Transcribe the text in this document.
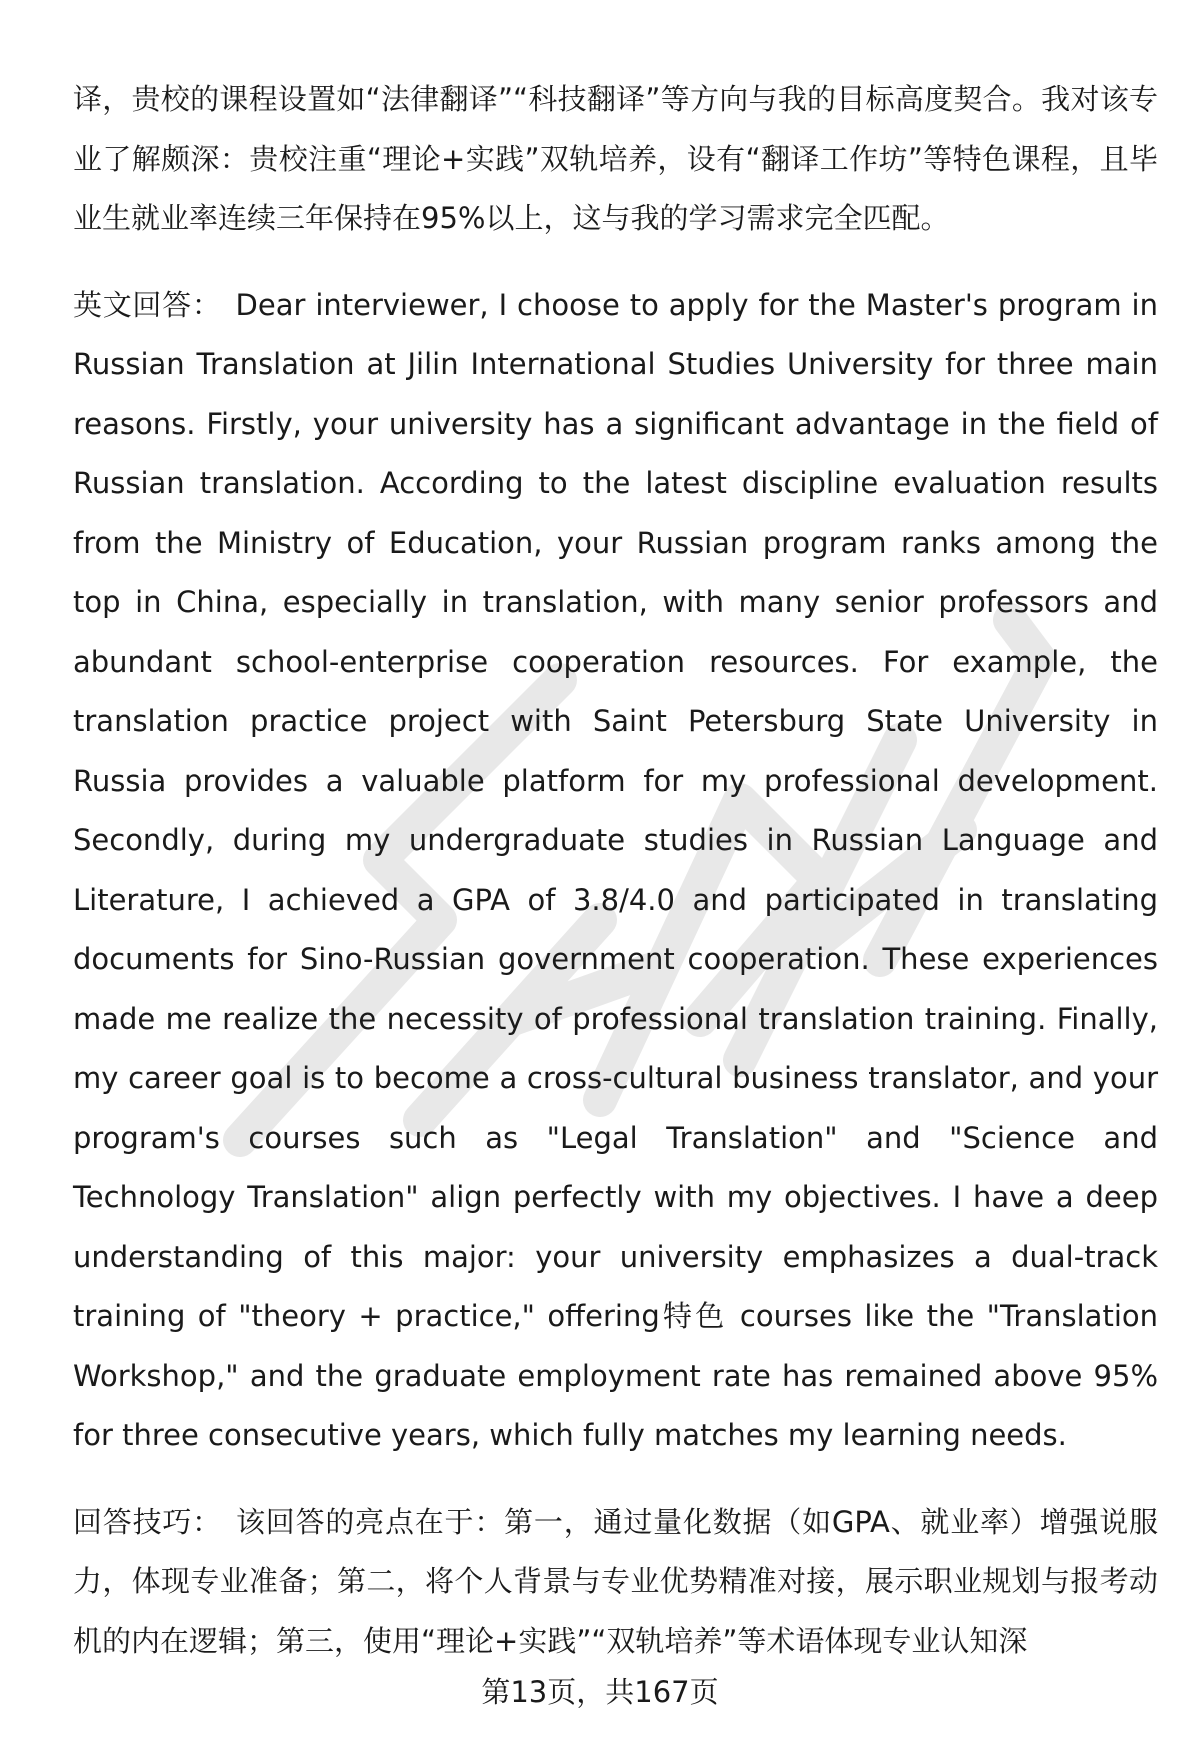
译，贵校的课程设置如“法律翻译”“科技翻译”等方向与我的目标高度契合。我对该专业了解颇深：贵校注重“理论+实践”双轨培养，设有“翻译工作坊”等特色课程，且毕业生就业率连续三年保持在95%以上，这与我的学习需求完全匹配。

英文回答： Dear interviewer, I choose to apply for the Master's program in Russian Translation at Jilin International Studies University for three main reasons. Firstly, your university has a significant advantage in the field of Russian translation. According to the latest discipline evaluation results from the Ministry of Education, your Russian program ranks among the top in China, especially in translation, with many senior professors and abundant school-enterprise cooperation resources. For example, the translation practice project with Saint Petersburg State University in Russia provides a valuable platform for my professional development. Secondly, during my undergraduate studies in Russian Language and Literature, I achieved a GPA of 3.8/4.0 and participated in translating documents for Sino-Russian government cooperation. These experiences made me realize the necessity of professional translation training. Finally, my career goal is to become a cross-cultural business translator, and your program's courses such as "Legal Translation" and "Science and Technology Translation" align perfectly with my objectives. I have a deep understanding of this major: your university emphasizes a dual-track training of "theory + practice," offering特色 courses like the "Translation Workshop," and the graduate employment rate has remained above 95% for three consecutive years, which fully matches my learning needs.

回答技巧： 该回答的亮点在于：第一，通过量化数据（如GPA、就业率）增强说服力，体现专业准备；第二，将个人背景与专业优势精准对接，展示职业规划与报考动机的内在逻辑；第三，使用“理论+实践”“双轨培养”等术语体现专业认知深

第13页，共167页
